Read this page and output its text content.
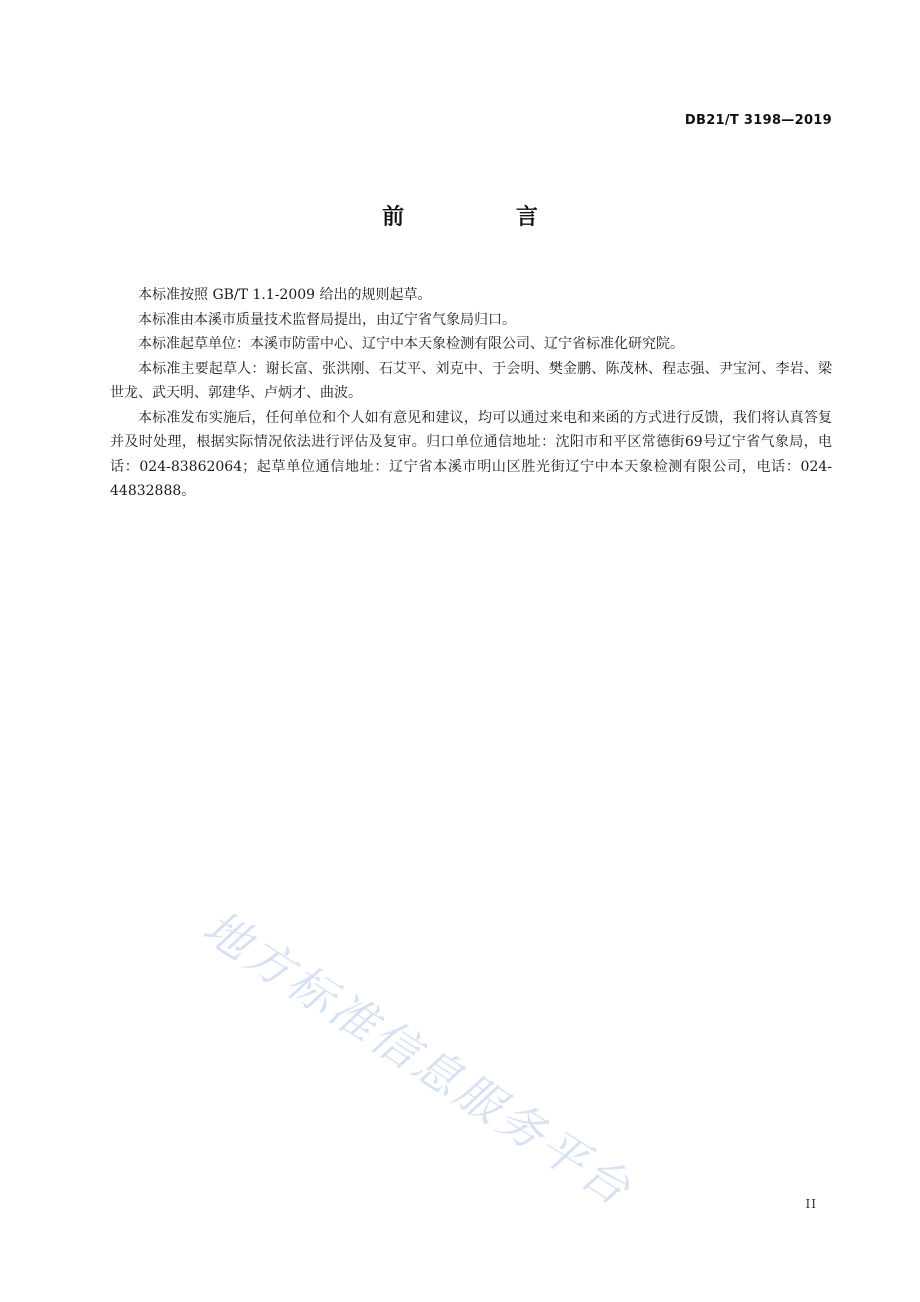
DB21/T 3198—2019
前 言

本标准按照 GB/T 1.1-2009 给出的规则起草。

本标准由本溪市质量技术监督局提出，由辽宁省气象局归口。

本标准起草单位：本溪市防雷中心、辽宁中本天象检测有限公司、辽宁省标准化研究院。

本标准主要起草人：谢长富、张洪刚、石艾平、刘克中、于会明、樊金鹏、陈茂林、程志强、尹宝河、李岩、梁世龙、武天明、郭建华、卢炳才、曲波。

本标准发布实施后，任何单位和个人如有意见和建议，均可以通过来电和来函的方式进行反馈，我们将认真答复并及时处理，根据实际情况依法进行评估及复审。归口单位通信地址：沈阳市和平区常德街69号辽宁省气象局，电话：024-83862064；起草单位通信地址：辽宁省本溪市明山区胜光街辽宁中本天象检测有限公司，电话：024-44832888。

地方标准信息服务平台	II
